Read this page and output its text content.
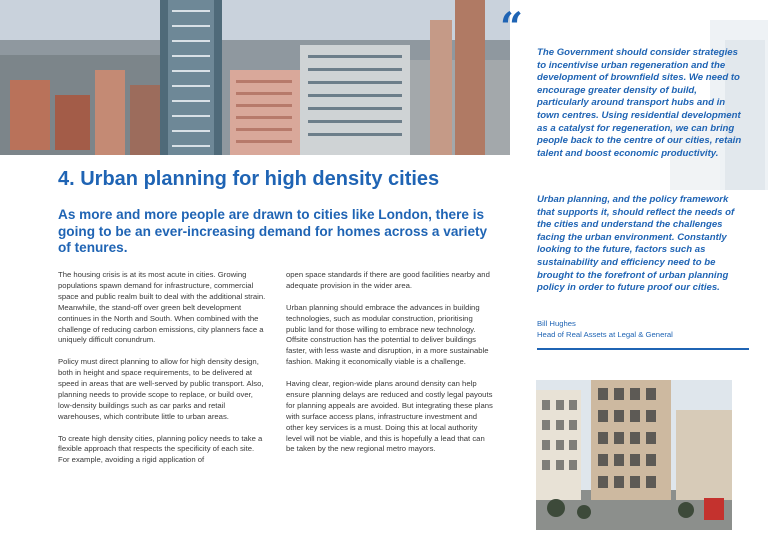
4. Urban planning for high density cities

As more and more people are drawn to cities like London, there is going to be an ever-increasing demand for homes across a variety of tenures.

The housing crisis is at its most acute in cities. Growing populations spawn demand for infrastructure, commercial space and public realm built to deal with the additional strain. Meanwhile, the stand-off over green belt development continues in the North and South. When combined with the challenge of reducing carbon emissions, city planners face a uniquely difficult conundrum.

Policy must direct planning to allow for high density design, both in height and space requirements, to be delivered at speed in areas that are well-served by public transport. Also, planning needs to provide scope to replace, or build over, low-density buildings such as car parks and retail warehouses, which contribute little to urban areas.

To create high density cities, planning policy needs to take a flexible approach that respects the specificity of each site. For example, avoiding a rigid application of

open space standards if there are good facilities nearby and adequate provision in the wider area.

Urban planning should embrace the advances in building technologies, such as modular construction, prioritising public land for those willing to embrace new technology. Offsite construction has the potential to deliver buildings faster, with less waste and disruption, in a more sustainable fashion. Making it economically viable is a challenge.

Having clear, region-wide plans around density can help ensure planning delays are reduced and costly legal payouts for planning appeals are avoided. But integrating these plans with surface access plans, infrastructure investment and other key services is a must. Doing this at local authority level will not be viable, and this is hopefully a lead that can be taken by the new regional metro mayors.

“

The Government should consider strategies to incentivise urban regeneration and the development of brownfield sites. We need to encourage greater density of build, particularly around transport hubs and in town centres. Using residential development as a catalyst for regeneration, we can bring people back to the centre of our cities, retain talent and boost economic productivity.

Urban planning, and the policy framework that supports it, should reflect the needs of the cities and understand the challenges facing the urban environment. Constantly looking to the future, factors such as sustainability and efficiency need to be brought to the forefront of urban planning policy in order to future proof our cities.

Bill Hughes
Head of Real Assets at Legal & General
